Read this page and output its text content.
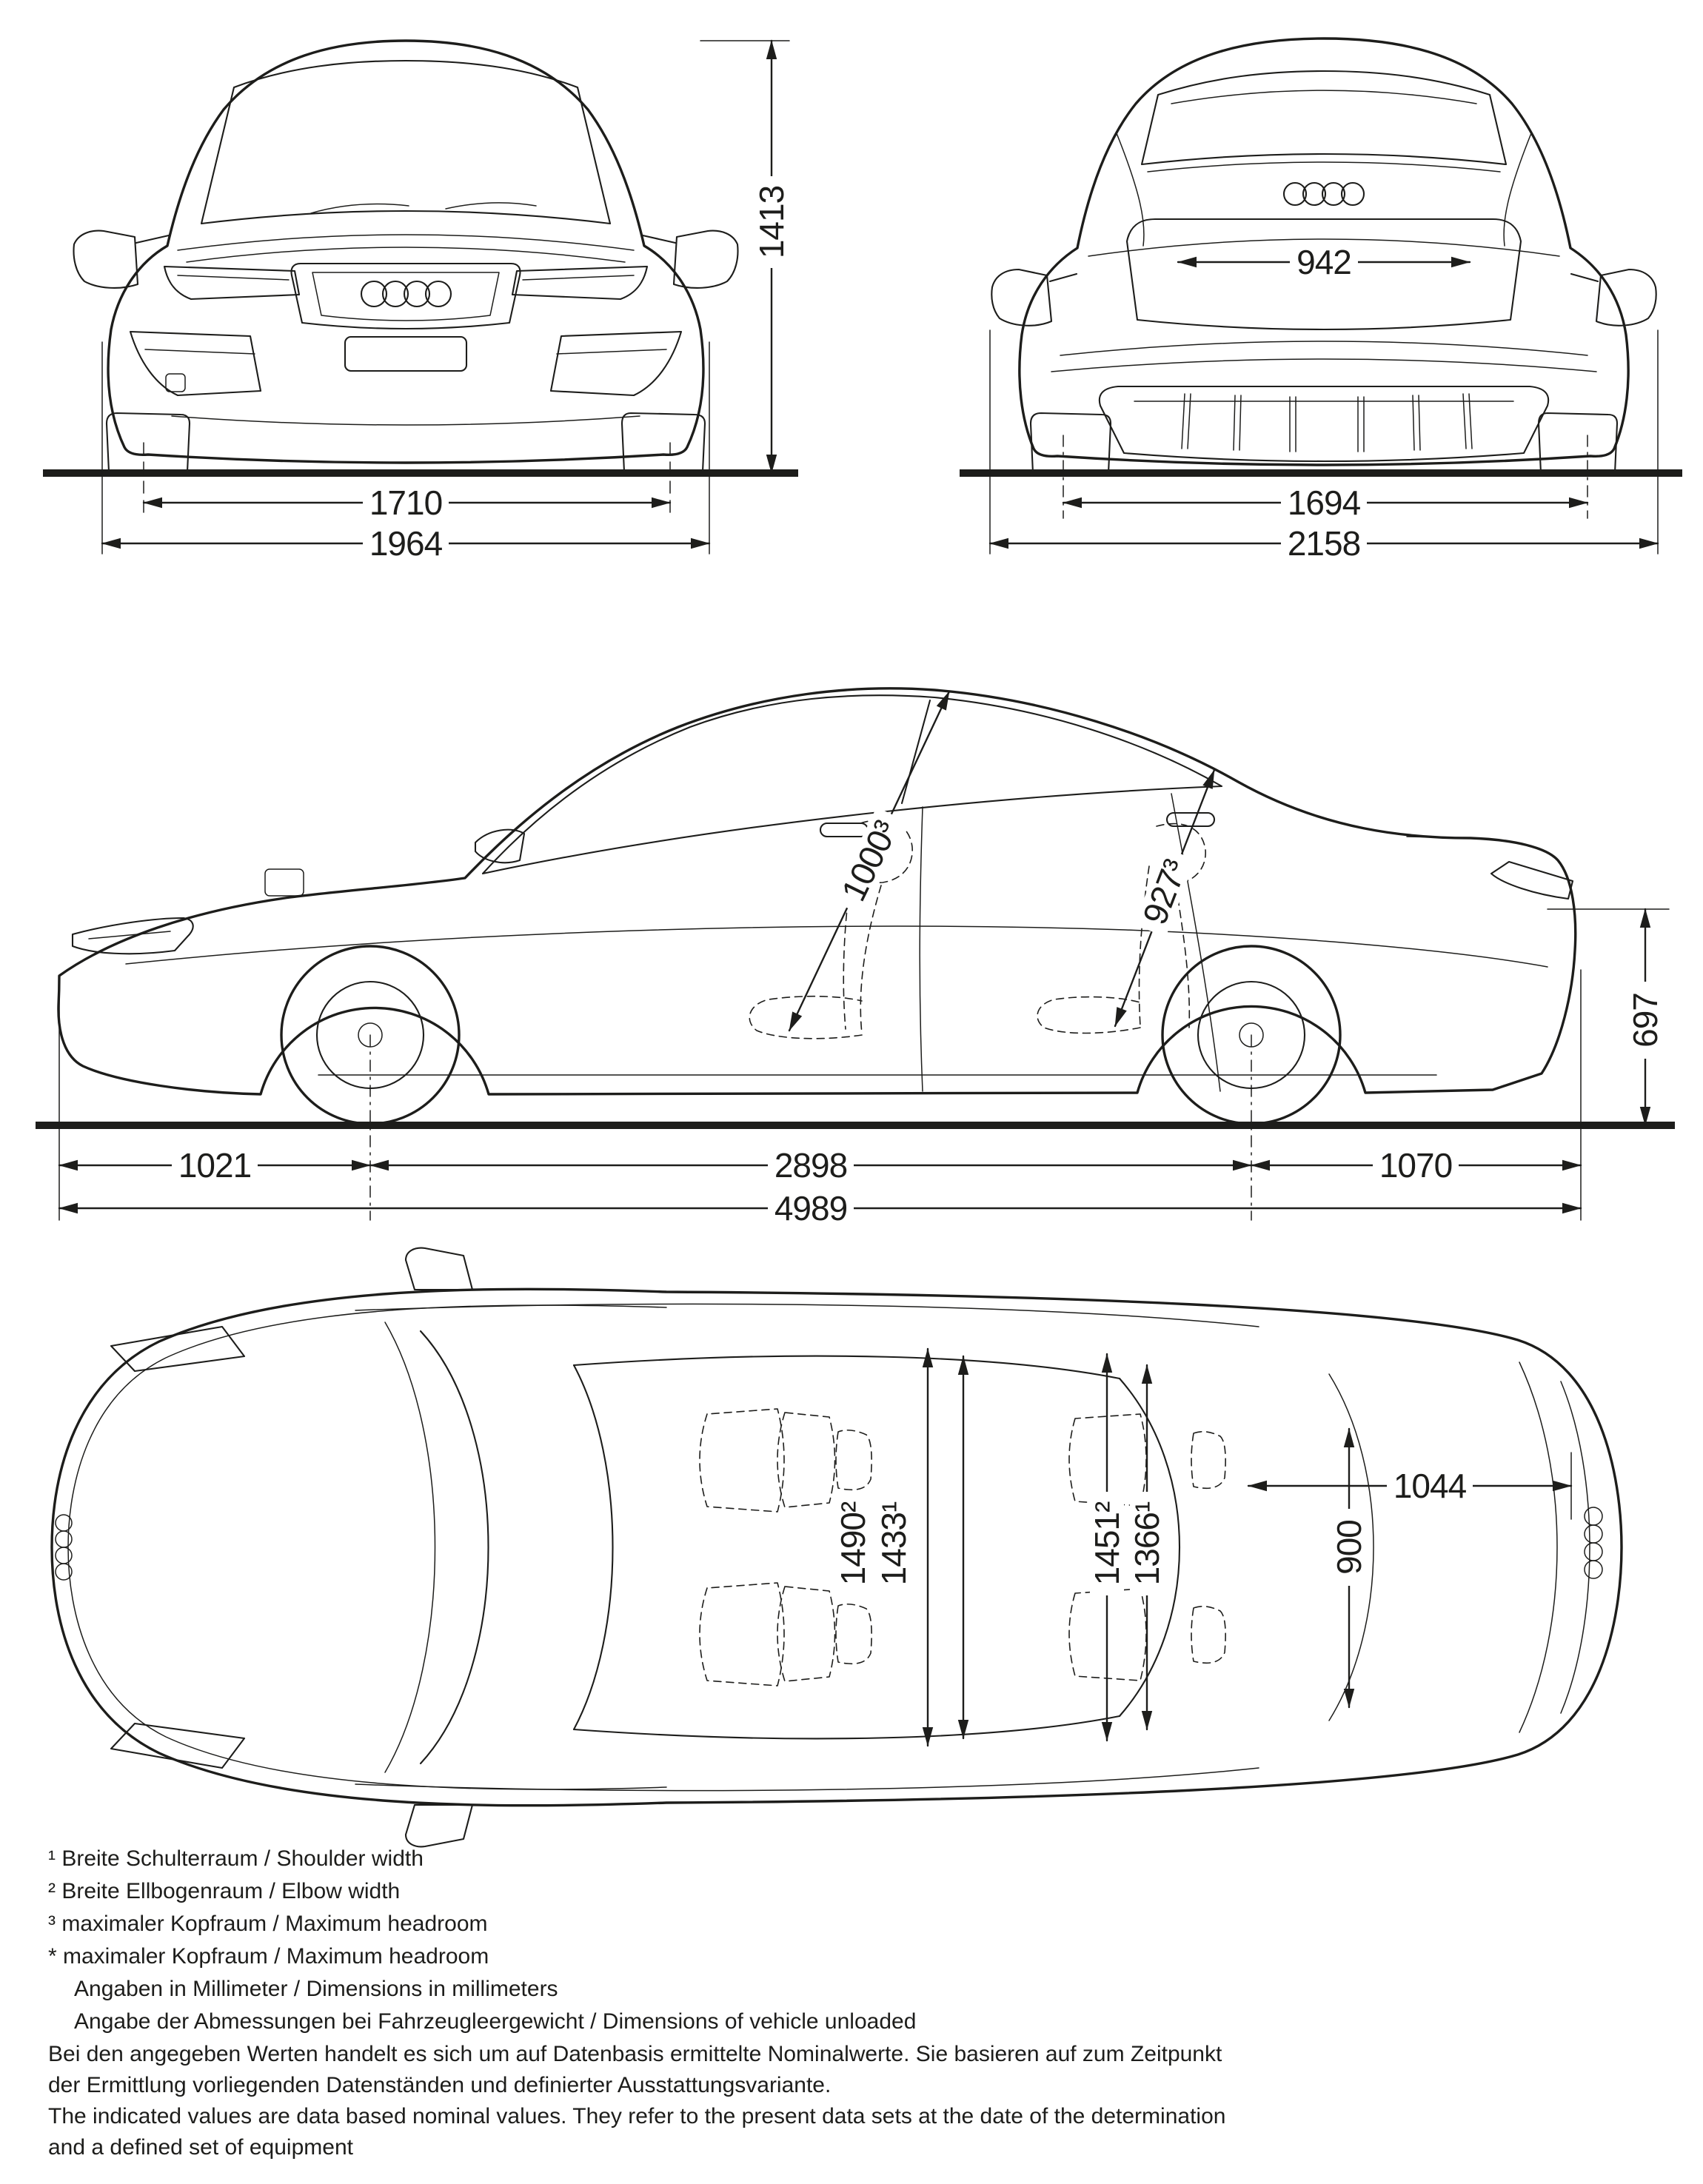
1710
1964
1413
942
1694
2158
1000³	927³
1021	2898	1070
4989
697
1490² 1433¹	1451² 1366¹
1044
900
¹ Breite Schulterraum / Shoulder width
² Breite Ellbogenraum / Elbow width
³ maximaler Kopfraum / Maximum headroom
* maximaler Kopfraum / Maximum headroom
Angaben in Millimeter / Dimensions in millimeters
Angabe der Abmessungen bei Fahrzeugleergewicht / Dimensions of vehicle unloaded
Bei den angegeben Werten handelt es sich um auf Datenbasis ermittelte Nominalwerte. Sie basieren auf zum Zeitpunkt
der Ermittlung vorliegenden Datenständen und definierter Ausstattungsvariante.
The indicated values are data based nominal values. They refer to the present data sets at the date of the determination
and a defined set of equipment
